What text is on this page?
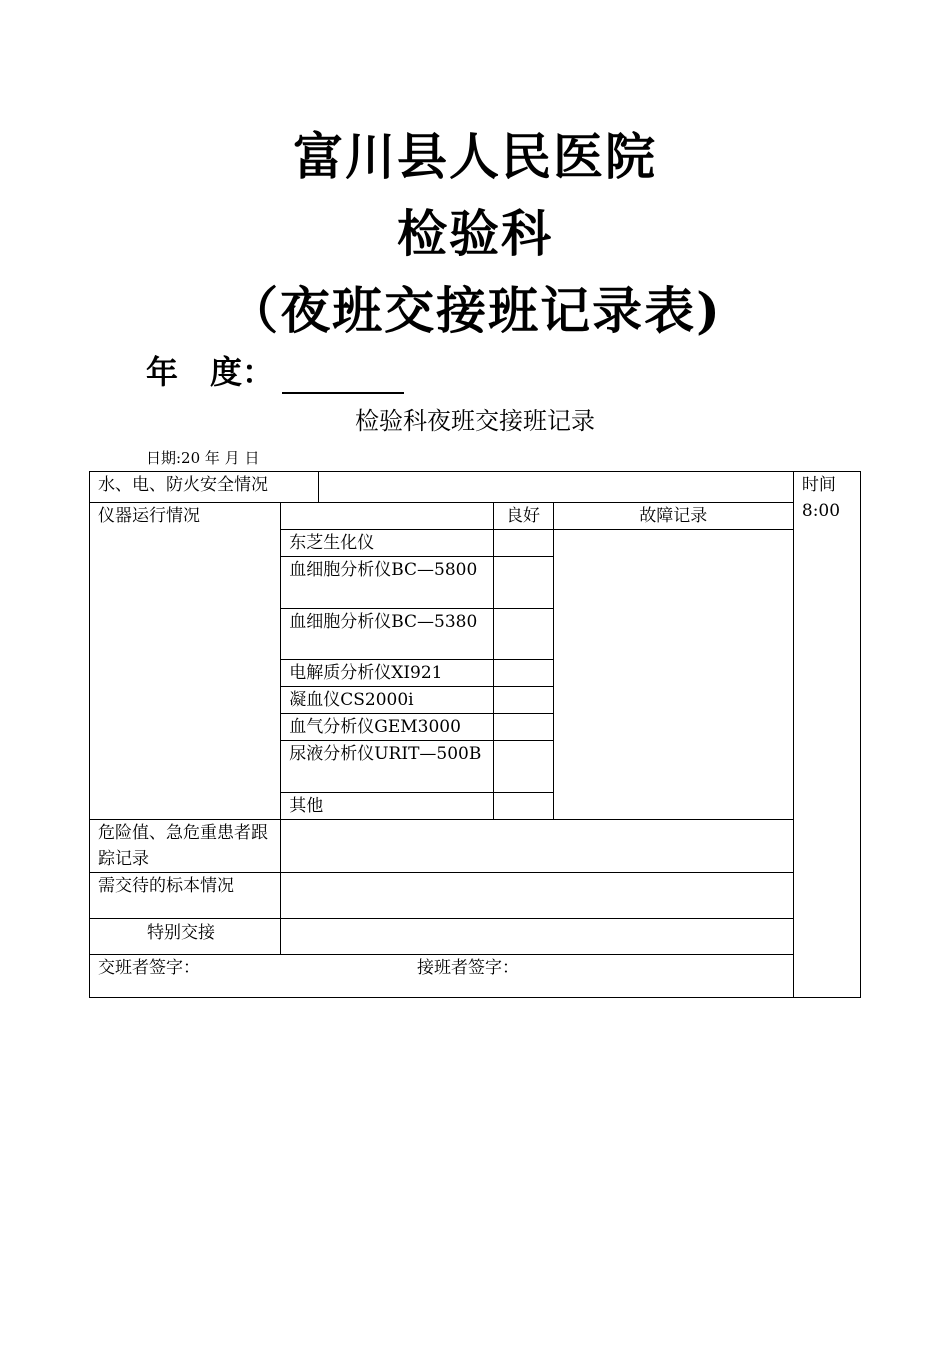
富川县人民医院
检验科
（夜班交接班记录表)
年　度：
检验科夜班交接班记录
日期:20 年 月 日
水、电、防火安全情况					时间
8:00

仪器运行情况			良好	故障记录	
	东芝生化仪				
	血细胞分析仪BC—5800				
	血细胞分析仪BC—5380				
	电解质分析仪XI921				
	凝血仪CS2000i				
	血气分析仪GEM3000				
	尿液分析仪URIT—500B				
	其他				
危险值、急危重患者跟踪记录					
需交待的标本情况					
特别交接					
交班者签字： 接班者签字：					
